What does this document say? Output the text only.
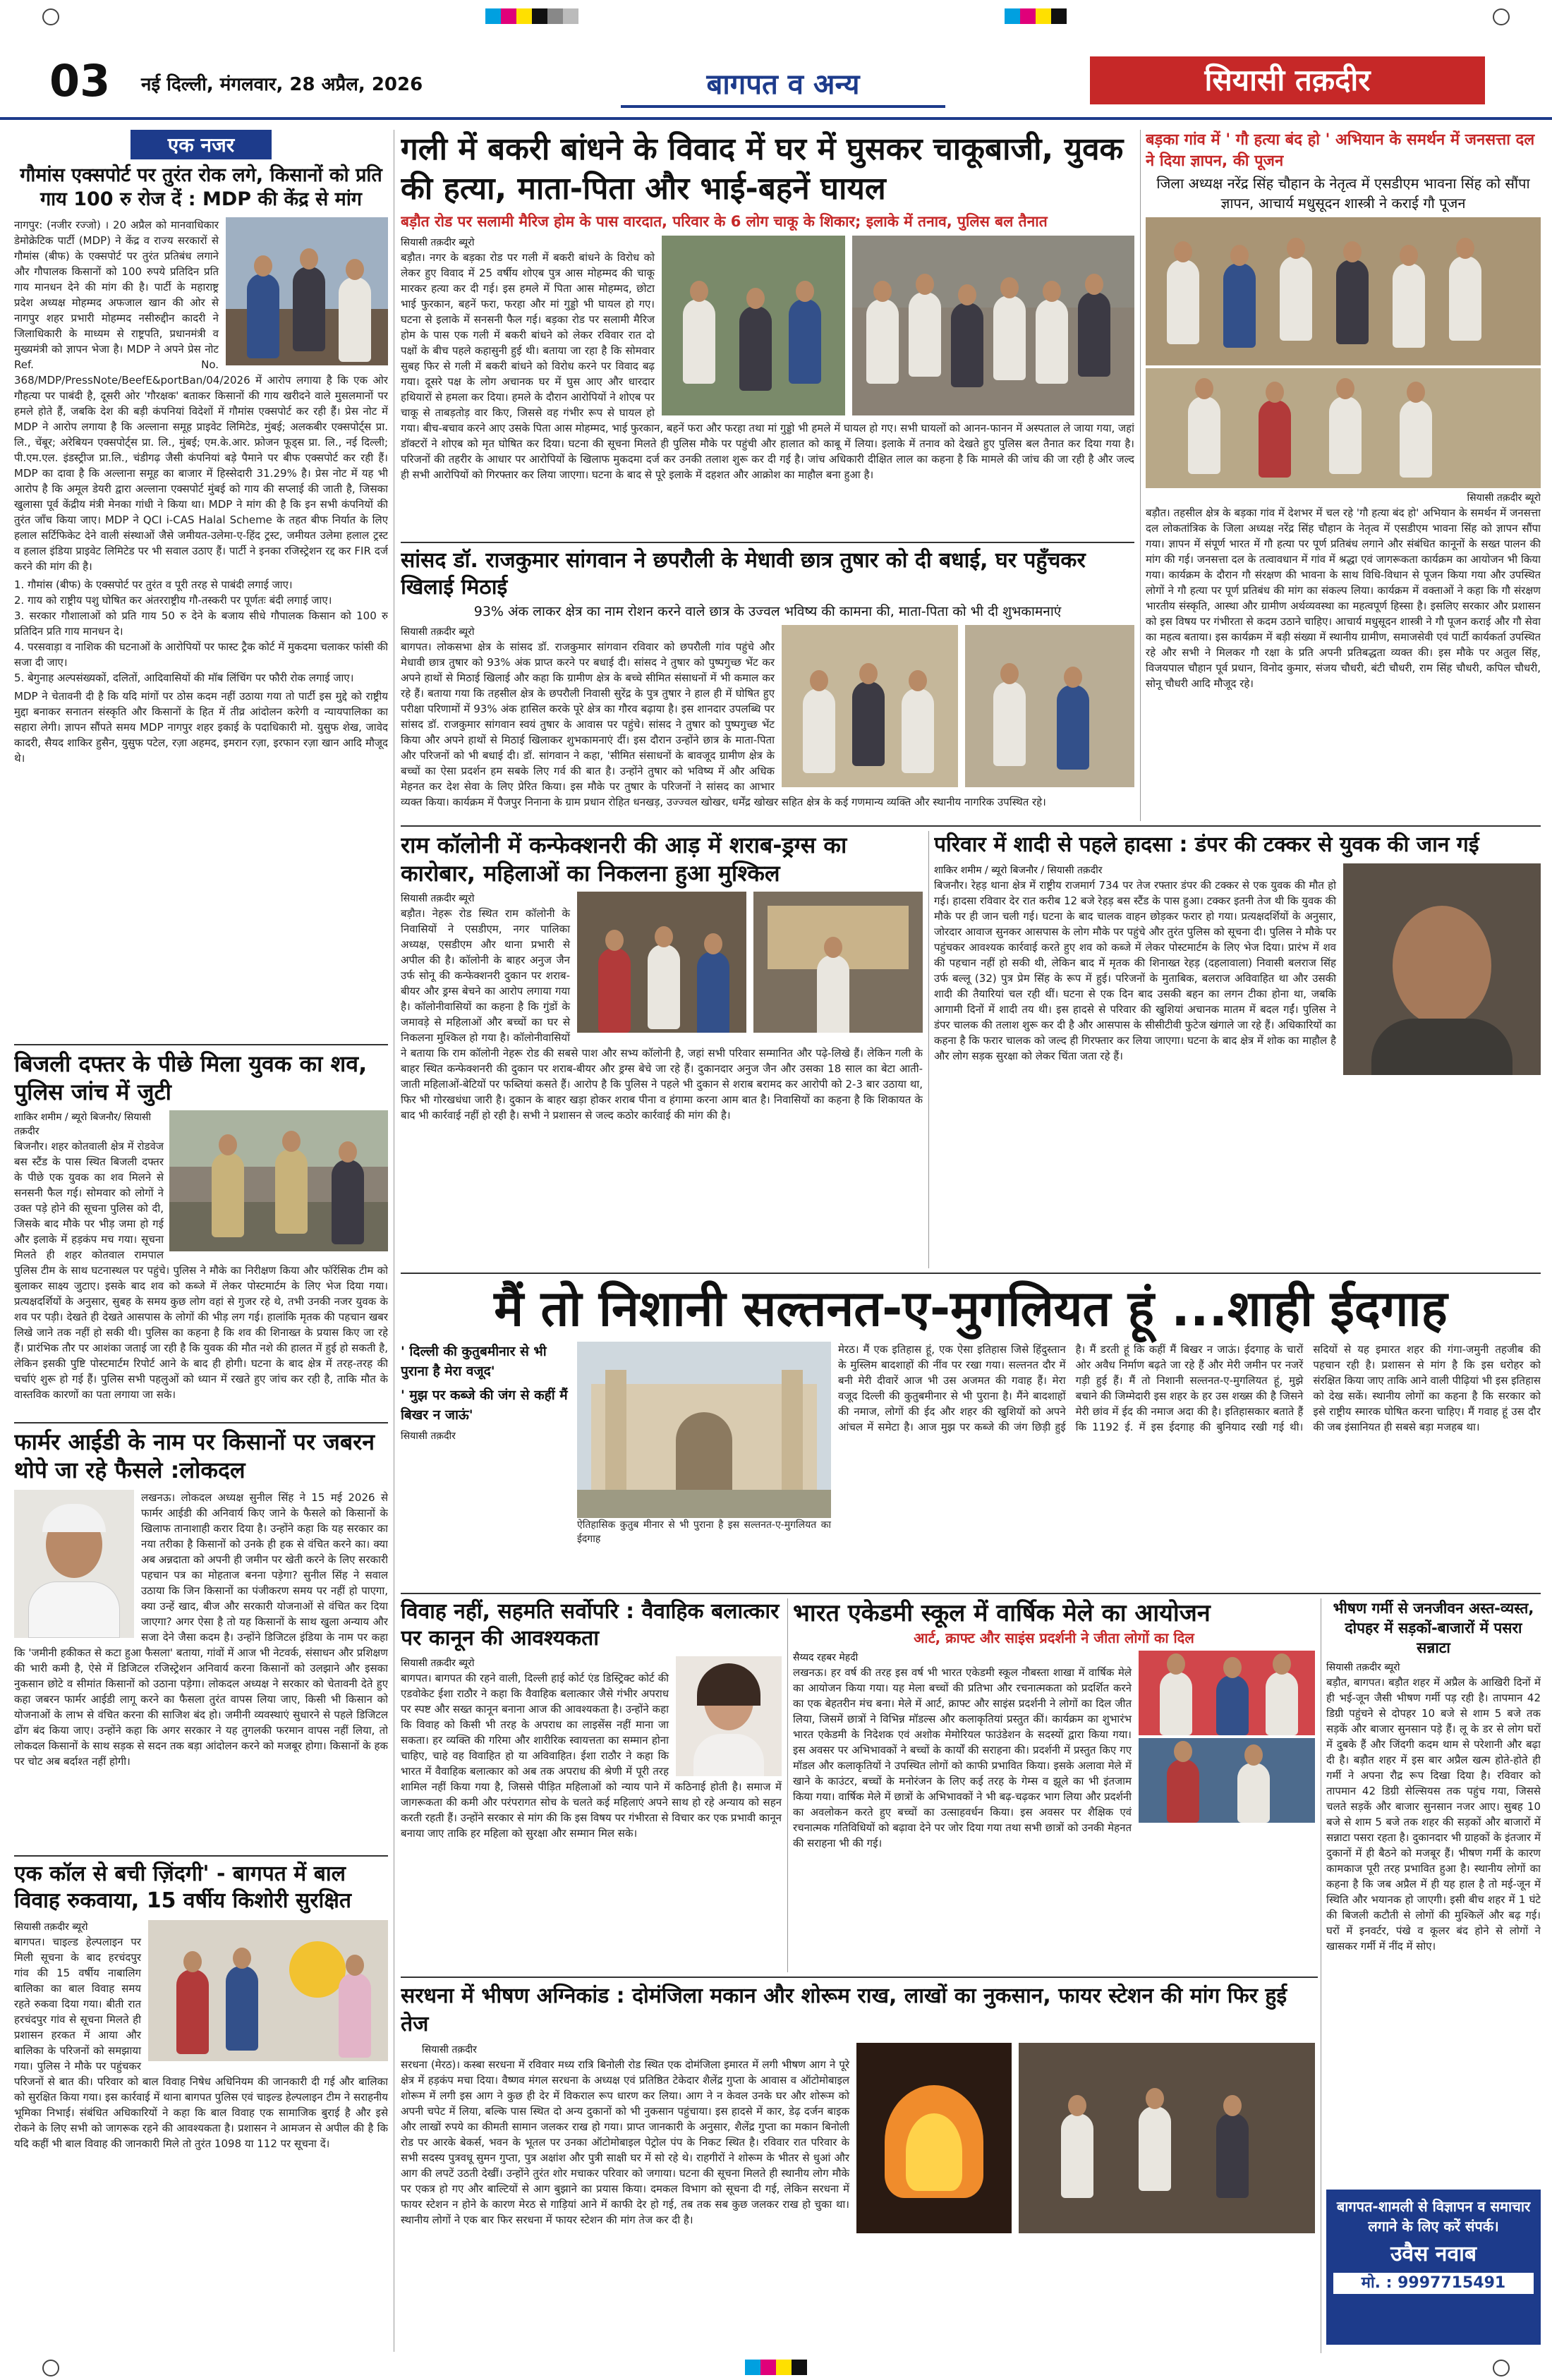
03 नई दिल्ली, मंगलवार, 28 अप्रैल, 2026	बागपत व अन्य	सियासी तक़दीर
एक नजर
गौमांस एक्सपोर्ट पर तुरंत रोक लगे, किसानों को प्रति गाय 100 रु रोज दें : MDP की केंद्र से मांग
नागपुर: (नजीर रज्जो) । 20 अप्रैल को मानवाधिकार डेमोक्रेटिक पार्टी (MDP) ने केंद्र व राज्य सरकारों से गौमांस (बीफ) के एक्सपोर्ट पर तुरंत प्रतिबंध लगाने और गौपालक किसानों को 100 रुपये प्रतिदिन प्रति गाय मानधन देने की मांग की है। पार्टी के महाराष्ट्र प्रदेश अध्यक्ष मोहम्मद अफजाल खान की ओर से नागपुर शहर प्रभारी मोहम्मद नसीरुद्दीन कादरी ने जिलाधिकारी के माध्यम से राष्ट्रपति, प्रधानमंत्री व मुख्यमंत्री को ज्ञापन भेजा है। MDP ने अपने प्रेस नोट Ref. No. 368/MDP/PressNote/BeefE&portBan/04/2026 में आरोप लगाया है कि एक ओर गौहत्या पर पाबंदी है, दूसरी ओर 'गौरक्षक' बताकर किसानों की गाय खरीदने वाले मुसलमानों पर हमले होते हैं, जबकि देश की बड़ी कंपनियां विदेशों में गौमांस एक्सपोर्ट कर रही हैं। प्रेस नोट में MDP ने आरोप लगाया है कि अल्लाना समूह प्राइवेट लिमिटेड, मुंबई; अलकबीर एक्सपोर्ट्स प्रा. लि., चेंबूर; अरेबियन एक्सपोर्ट्स प्रा. लि., मुंबई; एम.के.आर. फ्रोजन फूड्स प्रा. लि., नई दिल्ली; पी.एम.एल. इंडस्ट्रीज प्रा.लि., चंडीगढ़ जैसी कंपनियां बड़े पैमाने पर बीफ एक्सपोर्ट कर रही हैं। MDP का दावा है कि अल्लाना समूह का बाजार में हिस्सेदारी 31.29% है। प्रेस नोट में यह भी आरोप है कि अमूल डेयरी द्वारा अल्लाना एक्सपोर्ट मुंबई को गाय की सप्लाई की जाती है, जिसका खुलासा पूर्व केंद्रीय मंत्री मेनका गांधी ने किया था। MDP ने मांग की है कि इन सभी कंपनियों की तुरंत जाँच किया जाए। MDP ने QCI i-CAS Halal Scheme के तहत बीफ निर्यात के लिए हलाल सर्टिफिकेट देने वाली संस्थाओं जैसे जमीयत-उलेमा-ए-हिंद ट्रस्ट, जमीयत उलेमा हलाल ट्रस्ट व हलाल इंडिया प्राइवेट लिमिटेड पर भी सवाल उठाए हैं। पार्टी ने इनका रजिस्ट्रेशन रद्द कर FIR दर्ज करने की मांग की है।
1. गौमांस (बीफ) के एक्सपोर्ट पर तुरंत व पूरी तरह से पाबंदी लगाई जाए।
2. गाय को राष्ट्रीय पशु घोषित कर अंतरराष्ट्रीय गौ-तस्करी पर पूर्णतः बंदी लगाई जाए।
3. सरकार गौशालाओं को प्रति गाय 50 रु देने के बजाय सीधे गौपालक किसान को 100 रु प्रतिदिन प्रति गाय मानधन दे।
4. परसवाड़ा व नाशिक की घटनाओं के आरोपियों पर फास्ट ट्रैक कोर्ट में मुकदमा चलाकर फांसी की सजा दी जाए।
5. बेगुनाह अल्पसंख्यकों, दलितों, आदिवासियों की मॉब लिंचिंग पर फौरी रोक लगाई जाए।
MDP ने चेतावनी दी है कि यदि मांगों पर ठोस कदम नहीं उठाया गया तो पार्टी इस मुद्दे को राष्ट्रीय मुद्दा बनाकर सनातन संस्कृति और किसानों के हित में तीव्र आंदोलन करेगी व न्यायपालिका का सहारा लेगी। ज्ञापन सौंपते समय MDP नागपुर शहर इकाई के पदाधिकारी मो. युसुफ शेख, जावेद कादरी, सैयद शाकिर हुसैन, युसुफ पटेल, रज़ा अहमद, इमरान रज़ा, इरफान रज़ा खान आदि मौजूद थे।
बिजली दफ्तर के पीछे मिला युवक का शव, पुलिस जांच में जुटी
शाकिर शमीम / ब्यूरो बिजनौर/ सियासी तक़दीर
बिजनौर। शहर कोतवाली क्षेत्र में रोडवेज बस स्टैंड के पास स्थित बिजली दफ्तर के पीछे एक युवक का शव मिलने से सनसनी फैल गई। सोमवार को लोगों ने उक्त पड़े होने की सूचना पुलिस को दी, जिसके बाद मौके पर भीड़ जमा हो गई और इलाके में हड़कंप मच गया। सूचना मिलते ही शहर कोतवाल रामपाल पुलिस टीम के साथ घटनास्थल पर पहुंचे। पुलिस ने मौके का निरीक्षण किया और फॉरेंसिक टीम को बुलाकर साक्ष्य जुटाए। इसके बाद शव को कब्जे में लेकर पोस्टमार्टम के लिए भेज दिया गया। प्रत्यक्षदर्शियों के अनुसार, सुबह के समय कुछ लोग वहां से गुजर रहे थे, तभी उनकी नजर युवक के शव पर पड़ी। देखते ही देखते आसपास के लोगों की भीड़ लग गई। हालांकि मृतक की पहचान खबर लिखे जाने तक नहीं हो सकी थी। पुलिस का कहना है कि शव की शिनाख्त के प्रयास किए जा रहे हैं। प्रारंभिक तौर पर आशंका जताई जा रही है कि युवक की मौत नशे की हालत में हुई हो सकती है, लेकिन इसकी पुष्टि पोस्टमार्टम रिपोर्ट आने के बाद ही होगी। घटना के बाद क्षेत्र में तरह-तरह की चर्चाएं शुरू हो गई हैं। पुलिस सभी पहलुओं को ध्यान में रखते हुए जांच कर रही है, ताकि मौत के वास्तविक कारणों का पता लगाया जा सके।
फार्मर आईडी के नाम पर किसानों पर जबरन थोपे जा रहे फैसले :लोकदल
लखनऊ। लोकदल अध्यक्ष सुनील सिंह ने 15 मई 2026 से फार्मर आईडी की अनिवार्य किए जाने के फैसले को किसानों के खिलाफ तानाशाही करार दिया है। उन्होंने कहा कि यह सरकार का नया तरीका है किसानों को उनके ही हक से वंचित करने का। क्या अब अन्नदाता को अपनी ही जमीन पर खेती करने के लिए सरकारी पहचान पत्र का मोहताज बनना पड़ेगा? सुनील सिंह ने सवाल उठाया कि जिन किसानों का पंजीकरण समय पर नहीं हो पाएगा, क्या उन्हें खाद, बीज और सरकारी योजनाओं से वंचित कर दिया जाएगा? अगर ऐसा है तो यह किसानों के साथ खुला अन्याय और सजा देने जैसा कदम है। उन्होंने डिजिटल इंडिया के नाम पर कहा कि 'जमीनी हकीकत से कटा हुआ फैसला' बताया, गांवों में आज भी नेटवर्क, संसाधन और प्रशिक्षण की भारी कमी है, ऐसे में डिजिटल रजिस्ट्रेशन अनिवार्य करना किसानों को उलझाने और इसका नुकसान छोटे व सीमांत किसानों को उठाना पड़ेगा। लोकदल अध्यक्ष ने सरकार को चेतावनी देते हुए कहा जबरन फार्मर आईडी लागू करने का फैसला तुरंत वापस लिया जाए, किसी भी किसान को योजनाओं के लाभ से वंचित करना की साजिश बंद हो। जमीनी व्यवस्थाएं सुधारने से पहले डिजिटल ढोंग बंद किया जाए। उन्होंने कहा कि अगर सरकार ने यह तुगलकी फरमान वापस नहीं लिया, तो लोकदल किसानों के साथ सड़क से सदन तक बड़ा आंदोलन करने को मजबूर होगा। किसानों के हक पर चोट अब बर्दाश्त नहीं होगी।
एक कॉल से बची ज़िंदगी' - बागपत में बाल विवाह रुकवाया, 15 वर्षीय किशोरी सुरक्षित
सियासी तक़दीर ब्यूरो
बागपत। चाइल्ड हेल्पलाइन पर मिली सूचना के बाद हरचंदपुर गांव की 15 वर्षीय नाबालिग बालिका का बाल विवाह समय रहते रुकवा दिया गया। बीती रात हरचंदपुर गांव से सूचना मिलते ही प्रशासन हरकत में आया और बालिका के परिजनों को समझाया गया। पुलिस ने मौके पर पहुंचकर परिजनों से बात की। परिवार को बाल विवाह निषेध अधिनियम की जानकारी दी गई और बालिका को सुरक्षित किया गया। इस कार्रवाई में थाना बागपत पुलिस एवं चाइल्ड हेल्पलाइन टीम ने सराहनीय भूमिका निभाई। संबंधित अधिकारियों ने कहा कि बाल विवाह एक सामाजिक बुराई है और इसे रोकने के लिए सभी को जागरूक रहने की आवश्यकता है। प्रशासन ने आमजन से अपील की है कि यदि कहीं भी बाल विवाह की जानकारी मिले तो तुरंत 1098 या 112 पर सूचना दें।
गली में बकरी बांधने के विवाद में घर में घुसकर चाकूबाजी, युवक की हत्या, माता-पिता और भाई-बहनें घायल
बड़ौत रोड पर सलामी मैरिज होम के पास वारदात, परिवार के 6 लोग चाकू के शिकार; इलाके में तनाव, पुलिस बल तैनात
सियासी तक़दीर ब्यूरो
बड़ौत। नगर के बड़का रोड पर गली में बकरी बांधने के विरोध को लेकर हुए विवाद में 25 वर्षीय शोएब पुत्र आस मोहम्मद की चाकू मारकर हत्या कर दी गई। इस हमले में पिता आस मोहम्मद, छोटा भाई फुरकान, बहनें फरा, फरहा और मां गुड्डो भी घायल हो गए। घटना से इलाके में सनसनी फैल गई। बड़का रोड पर सलामी मैरिज होम के पास एक गली में बकरी बांधने को लेकर रविवार रात दो पक्षों के बीच पहले कहासुनी हुई थी। बताया जा रहा है कि सोमवार सुबह फिर से गली में बकरी बांधने को विरोध करने पर विवाद बढ़ गया। दूसरे पक्ष के लोग अचानक घर में घुस आए और धारदार हथियारों से हमला कर दिया। हमले के दौरान आरोपियों ने शोएब पर चाकू से ताबड़तोड़ वार किए, जिससे वह गंभीर रूप से घायल हो गया। बीच-बचाव करने आए उसके पिता आस मोहम्मद, भाई फुरकान, बहनें फरा और फरहा तथा मां गुड्डो भी हमले में घायल हो गए। सभी घायलों को आनन-फानन में अस्पताल ले जाया गया, जहां डॉक्टरों ने शोएब को मृत घोषित कर दिया। घटना की सूचना मिलते ही पुलिस मौके पर पहुंची और हालात को काबू में लिया। इलाके में तनाव को देखते हुए पुलिस बल तैनात कर दिया गया है। परिजनों की तहरीर के आधार पर आरोपियों के खिलाफ मुकदमा दर्ज कर उनकी तलाश शुरू कर दी गई है। जांच अधिकारी दीक्षित लाल का कहना है कि मामले की जांच की जा रही है और जल्द ही सभी आरोपियों को गिरफ्तार कर लिया जाएगा। घटना के बाद से पूरे इलाके में दहशत और आक्रोश का माहौल बना हुआ है।
सांसद डॉ. राजकुमार सांगवान ने छपरौली के मेधावी छात्र तुषार को दी बधाई, घर पहुँचकर खिलाई मिठाई
93% अंक लाकर क्षेत्र का नाम रोशन करने वाले छात्र के उज्वल भविष्य की कामना की, माता-पिता को भी दी शुभकामनाएं
सियासी तक़दीर ब्यूरो
बागपत। लोकसभा क्षेत्र के सांसद डॉ. राजकुमार सांगवान रविवार को छपरौली गांव पहुंचे और मेधावी छात्र तुषार को 93% अंक प्राप्त करने पर बधाई दी। सांसद ने तुषार को पुष्पगुच्छ भेंट कर अपने हाथों से मिठाई खिलाई और कहा कि ग्रामीण क्षेत्र के बच्चे सीमित संसाधनों में भी कमाल कर रहे हैं। बताया गया कि तहसील क्षेत्र के छपरौली निवासी सुरेंद्र के पुत्र तुषार ने हाल ही में घोषित हुए परीक्षा परिणामों में 93% अंक हासिल करके पूरे क्षेत्र का गौरव बढ़ाया है। इस शानदार उपलब्धि पर सांसद डॉ. राजकुमार सांगवान स्वयं तुषार के आवास पर पहुंचे। सांसद ने तुषार को पुष्पगुच्छ भेंट किया और अपने हाथों से मिठाई खिलाकर शुभकामनाएं दीं। इस दौरान उन्होंने छात्र के माता-पिता और परिजनों को भी बधाई दी। डॉ. सांगवान ने कहा, 'सीमित संसाधनों के बावजूद ग्रामीण क्षेत्र के बच्चों का ऐसा प्रदर्शन हम सबके लिए गर्व की बात है। उन्होंने तुषार को भविष्य में और अधिक मेहनत कर देश सेवा के लिए प्रेरित किया। इस मौके पर तुषार के परिजनों ने सांसद का आभार व्यक्त किया। कार्यक्रम में पैजपुर निनाना के ग्राम प्रधान रोहित धनखड़, उज्ज्वल खोखर, धर्मेंद्र खोखर सहित क्षेत्र के कई गणमान्य व्यक्ति और स्थानीय नागरिक उपस्थित रहे।
बड़का गांव में ' गौ हत्या बंद हो ' अभियान के समर्थन में जनसत्ता दल ने दिया ज्ञापन, की पूजन
जिला अध्यक्ष नरेंद्र सिंह चौहान के नेतृत्व में एसडीएम भावना सिंह को सौंपा ज्ञापन, आचार्य मधुसूदन शास्त्री ने कराई गौ पूजन
सियासी तक़दीर ब्यूरो
बड़ौत। तहसील क्षेत्र के बड़का गांव में देशभर में चल रहे 'गौ हत्या बंद हो' अभियान के समर्थन में जनसत्ता दल लोकतांत्रिक के जिला अध्यक्ष नरेंद्र सिंह चौहान के नेतृत्व में एसडीएम भावना सिंह को ज्ञापन सौंपा गया। ज्ञापन में संपूर्ण भारत में गौ हत्या पर पूर्ण प्रतिबंध लगाने और संबंधित कानूनों के सख्त पालन की मांग की गई। जनसत्ता दल के तत्वावधान में गांव में श्रद्धा एवं जागरूकता कार्यक्रम का आयोजन भी किया गया। कार्यक्रम के दौरान गौ संरक्षण की भावना के साथ विधि-विधान से पूजन किया गया और उपस्थित लोगों ने गौ हत्या पर पूर्ण प्रतिबंध की मांग का संकल्प लिया। कार्यक्रम में वक्ताओं ने कहा कि गौ संरक्षण भारतीय संस्कृति, आस्था और ग्रामीण अर्थव्यवस्था का महत्वपूर्ण हिस्सा है। इसलिए सरकार और प्रशासन को इस विषय पर गंभीरता से कदम उठाने चाहिए। आचार्य मधुसूदन शास्त्री ने गौ पूजन कराई और गौ सेवा का महत्व बताया। इस कार्यक्रम में बड़ी संख्या में स्थानीय ग्रामीण, समाजसेवी एवं पार्टी कार्यकर्ता उपस्थित रहे और सभी ने मिलकर गौ रक्षा के प्रति अपनी प्रतिबद्धता व्यक्त की। इस मौके पर अतुल सिंह, विजयपाल चौहान पूर्व प्रधान, विनोद कुमार, संजय चौधरी, बंटी चौधरी, राम सिंह चौधरी, कपिल चौधरी, सोनू चौधरी आदि मौजूद रहे।
राम कॉलोनी में कन्फेक्शनरी की आड़ में शराब-ड्रग्स का कारोबार, महिलाओं का निकलना हुआ मुश्किल
सियासी तक़दीर ब्यूरो
बड़ौत। नेहरू रोड स्थित राम कॉलोनी के निवासियों ने एसडीएम, नगर पालिका अध्यक्ष, एसडीएम और थाना प्रभारी से अपील की है। कॉलोनी के बाहर अनुज जैन उर्फ सोनू की कन्फेक्शनरी दुकान पर शराब-बीयर और ड्रग्स बेचने का आरोप लगाया गया है। कॉलोनीवासियों का कहना है कि गुंडों के जमावड़े से महिलाओं और बच्चों का घर से निकलना मुश्किल हो गया है। कॉलोनीवासियों ने बताया कि राम कॉलोनी नेहरू रोड की सबसे पाश और सभ्य कॉलोनी है, जहां सभी परिवार सम्मानित और पढ़े-लिखे हैं। लेकिन गली के बाहर स्थित कन्फेक्शनरी की दुकान पर शराब-बीयर और ड्रग्स बेचे जा रहे हैं। दुकानदार अनुज जैन और उसका 18 साल का बेटा आती-जाती महिलाओं-बेटियों पर फब्तियां कसते हैं। आरोप है कि पुलिस ने पहले भी दुकान से शराब बरामद कर आरोपी को 2-3 बार उठाया था, फिर भी गोरखधंधा जारी है। दुकान के बाहर खड़ा होकर शराब पीना व हंगामा करना आम बात है। निवासियों का कहना है कि शिकायत के बाद भी कार्रवाई नहीं हो रही है। सभी ने प्रशासन से जल्द कठोर कार्रवाई की मांग की है।
परिवार में शादी से पहले हादसा : डंपर की टक्कर से युवक की जान गई
शाकिर शमीम / ब्यूरो बिजनौर / सियासी तक़दीर
बिजनौर। रेहड़ थाना क्षेत्र में राष्ट्रीय राजमार्ग 734 पर तेज रफ्तार डंपर की टक्कर से एक युवक की मौत हो गई। हादसा रविवार देर रात करीब 12 बजे रेहड़ बस स्टैंड के पास हुआ। टक्कर इतनी तेज थी कि युवक की मौके पर ही जान चली गई। घटना के बाद चालक वाहन छोड़कर फरार हो गया। प्रत्यक्षदर्शियों के अनुसार, जोरदार आवाज सुनकर आसपास के लोग मौके पर पहुंचे और तुरंत पुलिस को सूचना दी। पुलिस ने मौके पर पहुंचकर आवश्यक कार्रवाई करते हुए शव को कब्जे में लेकर पोस्टमार्टम के लिए भेज दिया। प्रारंभ में शव की पहचान नहीं हो सकी थी, लेकिन बाद में मृतक की शिनाख्त रेहड़ (दहलावाला) निवासी बलराज सिंह उर्फ बल्लू (32) पुत्र प्रेम सिंह के रूप में हुई। परिजनों के मुताबिक, बलराज अविवाहित था और उसकी शादी की तैयारियां चल रही थीं। घटना से एक दिन बाद उसकी बहन का लगन टीका होना था, जबकि आगामी दिनों में शादी तय थी। इस हादसे से परिवार की खुशियां अचानक मातम में बदल गईं। पुलिस ने डंपर चालक की तलाश शुरू कर दी है और आसपास के सीसीटीवी फुटेज खंगाले जा रहे हैं। अधिकारियों का कहना है कि फरार चालक को जल्द ही गिरफ्तार कर लिया जाएगा। घटना के बाद क्षेत्र में शोक का माहौल है और लोग सड़क सुरक्षा को लेकर चिंता जता रहे हैं।
मैं तो निशानी सल्तनत-ए-मुगलियत हूं ...शाही ईदगाह
' दिल्ली की कुतुबमीनार से भी पुराना है मेरा वजूद'
' मुझ पर कब्जे की जंग से कहीं मैं बिखर न जाऊं'
सियासी तक़दीर
ऐतिहासिक कुतुब मीनार से भी पुराना है इस सल्तनत-ए-मुगलियत का ईदगाह
मेरठ। मैं एक इतिहास हूं, एक ऐसा इतिहास जिसे हिंदुस्तान के मुस्लिम बादशाहों की नींव पर रखा गया। सल्तनत दौर में बनी मेरी दीवारें आज भी उस अजमत की गवाह हैं। मेरा वजूद दिल्ली की कुतुबमीनार से भी पुराना है। मैंने बादशाहों की नमाज, लोगों की ईद और शहर की खुशियों को अपने आंचल में समेटा है। आज मुझ पर कब्जे की जंग छिड़ी हुई है। मैं डरती हूं कि कहीं मैं बिखर न जाऊं। ईदगाह के चारों ओर अवैध निर्माण बढ़ते जा रहे हैं और मेरी जमीन पर नजरें गड़ी हुई हैं। मैं तो निशानी सल्तनत-ए-मुगलियत हूं, मुझे बचाने की जिम्मेदारी इस शहर के हर उस शख्स की है जिसने मेरी छांव में ईद की नमाज अदा की है। इतिहासकार बताते हैं कि 1192 ई. में इस ईदगाह की बुनियाद रखी गई थी। सदियों से यह इमारत शहर की गंगा-जमुनी तहजीब की पहचान रही है। प्रशासन से मांग है कि इस धरोहर को संरक्षित किया जाए ताकि आने वाली पीढ़ियां भी इस इतिहास को देख सकें। स्थानीय लोगों का कहना है कि सरकार को इसे राष्ट्रीय स्मारक घोषित करना चाहिए। मैं गवाह हूं उस दौर की जब इंसानियत ही सबसे बड़ा मजहब था।
विवाह नहीं, सहमति सर्वोपरि : वैवाहिक बलात्कार पर कानून की आवश्यकता
सियासी तक़दीर ब्यूरो
बागपत। बागपत की रहने वाली, दिल्ली हाई कोर्ट एंड डिस्ट्रिक्ट कोर्ट की एडवोकेट ईशा राठौर ने कहा कि वैवाहिक बलात्कार जैसे गंभीर अपराध पर स्पष्ट और सख्त कानून बनाना आज की आवश्यकता है। उन्होंने कहा कि विवाह को किसी भी तरह के अपराध का लाइसेंस नहीं माना जा सकता। हर व्यक्ति की गरिमा और शारीरिक स्वायत्तता का सम्मान होना चाहिए, चाहे वह विवाहित हो या अविवाहित। ईशा राठौर ने कहा कि भारत में वैवाहिक बलात्कार को अब तक अपराध की श्रेणी में पूरी तरह शामिल नहीं किया गया है, जिससे पीड़ित महिलाओं को न्याय पाने में कठिनाई होती है। समाज में जागरूकता की कमी और परंपरागत सोच के चलते कई महिलाएं अपने साथ हो रहे अन्याय को सहन करती रहती हैं। उन्होंने सरकार से मांग की कि इस विषय पर गंभीरता से विचार कर एक प्रभावी कानून बनाया जाए ताकि हर महिला को सुरक्षा और सम्मान मिल सके।
भारत एकेडमी स्कूल में वार्षिक मेले का आयोजन
आर्ट, क्राफ्ट और साइंस प्रदर्शनी ने जीता लोगों का दिल
सैय्यद रहबर मेहदी
लखनऊ। हर वर्ष की तरह इस वर्ष भी भारत एकेडमी स्कूल नौबस्ता शाखा में वार्षिक मेले का आयोजन किया गया। यह मेला बच्चों की प्रतिभा और रचनात्मकता को प्रदर्शित करने का एक बेहतरीन मंच बना। मेले में आर्ट, क्राफ्ट और साइंस प्रदर्शनी ने लोगों का दिल जीत लिया, जिसमें छात्रों ने विभिन्न मॉडल्स और कलाकृतियां प्रस्तुत कीं। कार्यक्रम का शुभारंभ भारत एकेडमी के निदेशक एवं अशोक मेमोरियल फाउंडेशन के सदस्यों द्वारा किया गया। इस अवसर पर अभिभावकों ने बच्चों के कार्यों की सराहना की। प्रदर्शनी में प्रस्तुत किए गए मॉडल और कलाकृतियों ने उपस्थित लोगों को काफी प्रभावित किया। इसके अलावा मेले में खाने के काउंटर, बच्चों के मनोरंजन के लिए कई तरह के गेम्स व झूले का भी इंतजाम किया गया। वार्षिक मेले में छात्रों के अभिभावकों ने भी बढ़-चढ़कर भाग लिया और प्रदर्शनी का अवलोकन करते हुए बच्चों का उत्साहवर्धन किया। इस अवसर पर शैक्षिक एवं रचनात्मक गतिविधियों को बढ़ावा देने पर जोर दिया गया तथा सभी छात्रों को उनकी मेहनत की सराहना भी की गई।
भीषण गर्मी से जनजीवन अस्त-व्यस्त, दोपहर में सड़कों-बाजारों में पसरा सन्नाटा
सियासी तक़दीर ब्यूरो
बड़ौत, बागपत। बड़ौत शहर में अप्रैल के आखिरी दिनों में ही भई-जून जैसी भीषण गर्मी पड़ रही है। तापमान 42 डिग्री पहुंचने से दोपहर 10 बजे से शाम 5 बजे तक सड़कें और बाजार सुनसान पड़े हैं। लू के डर से लोग घरों में दुबके हैं और जिंदगी कदम थाम से परेशानी और बढ़ा दी है। बड़ौत शहर में इस बार अप्रैल खत्म होते-होते ही गर्मी ने अपना रौद्र रूप दिखा दिया है। रविवार को तापमान 42 डिग्री सेल्सियस तक पहुंच गया, जिससे चलते सड़कें और बाजार सुनसान नजर आए। सुबह 10 बजे से शाम 5 बजे तक शहर की सड़कों और बाजारों में सन्नाटा पसरा रहता है। दुकानदार भी ग्राहकों के इंतजार में दुकानों में ही बैठने को मजबूर हैं। भीषण गर्मी के कारण कामकाज पूरी तरह प्रभावित हुआ है। स्थानीय लोगों का कहना है कि जब अप्रैल में ही यह हाल है तो मई-जून में स्थिति और भयानक हो जाएगी। इसी बीच शहर में 1 घंटे की बिजली कटौती से लोगों की मुश्किलें और बढ़ गई। घरों में इनवर्टर, पंखे व कूलर बंद होने से लोगों ने खासकर गर्मी में नींद में सोए।
बागपत-शामली से विज्ञापन व समाचार लगाने के लिए करें संपर्क।
उवैस नवाब
मो. : 9997715491
सरधना में भीषण अग्निकांड : दोमंजिला मकान और शोरूम राख, लाखों का नुकसान, फायर स्टेशन की मांग फिर हुई तेज
सियासी तक़दीर
सरधना (मेरठ)। कस्बा सरधना में रविवार मध्य रात्रि बिनोली रोड स्थित एक दोमंजिला इमारत में लगी भीषण आग ने पूरे क्षेत्र में हड़कंप मचा दिया। वैष्णव मंगल सरधना के अध्यक्ष एवं प्रतिष्ठित टेकेदार शैलेंद्र गुप्ता के आवास व ऑटोमोबाइल शोरूम में लगी इस आग ने कुछ ही देर में विकराल रूप धारण कर लिया। आग ने न केवल उनके घर और शोरूम को अपनी चपेट में लिया, बल्कि पास स्थित दो अन्य दुकानों को भी नुकसान पहुंचाया। इस हादसे में कार, डेढ़ दर्जन बाइक और लाखों रुपये का कीमती सामान जलकर राख हो गया। प्राप्त जानकारी के अनुसार, शैलेंद्र गुप्ता का मकान बिनोली रोड पर आरके बेकर्स, भवन के भूतल पर उनका ऑटोमोबाइल पेट्रोल पंप के निकट स्थित है। रविवार रात परिवार के सभी सदस्य पुत्रवधू सुमन गुप्ता, पुत्र अक्षांश और पुत्री साक्षी घर में सो रहे थे। राहगीरों ने शोरूम के भीतर से धुआं और आग की लपटें उठती देखीं। उन्होंने तुरंत शोर मचाकर परिवार को जगाया। घटना की सूचना मिलते ही स्थानीय लोग मौके पर एकत्र हो गए और बाल्टियों से आग बुझाने का प्रयास किया। दमकल विभाग को सूचना दी गई, लेकिन सरधना में फायर स्टेशन न होने के कारण मेरठ से गाड़ियां आने में काफी देर हो गई, तब तक सब कुछ जलकर राख हो चुका था। स्थानीय लोगों ने एक बार फिर सरधना में फायर स्टेशन की मांग तेज कर दी है।
